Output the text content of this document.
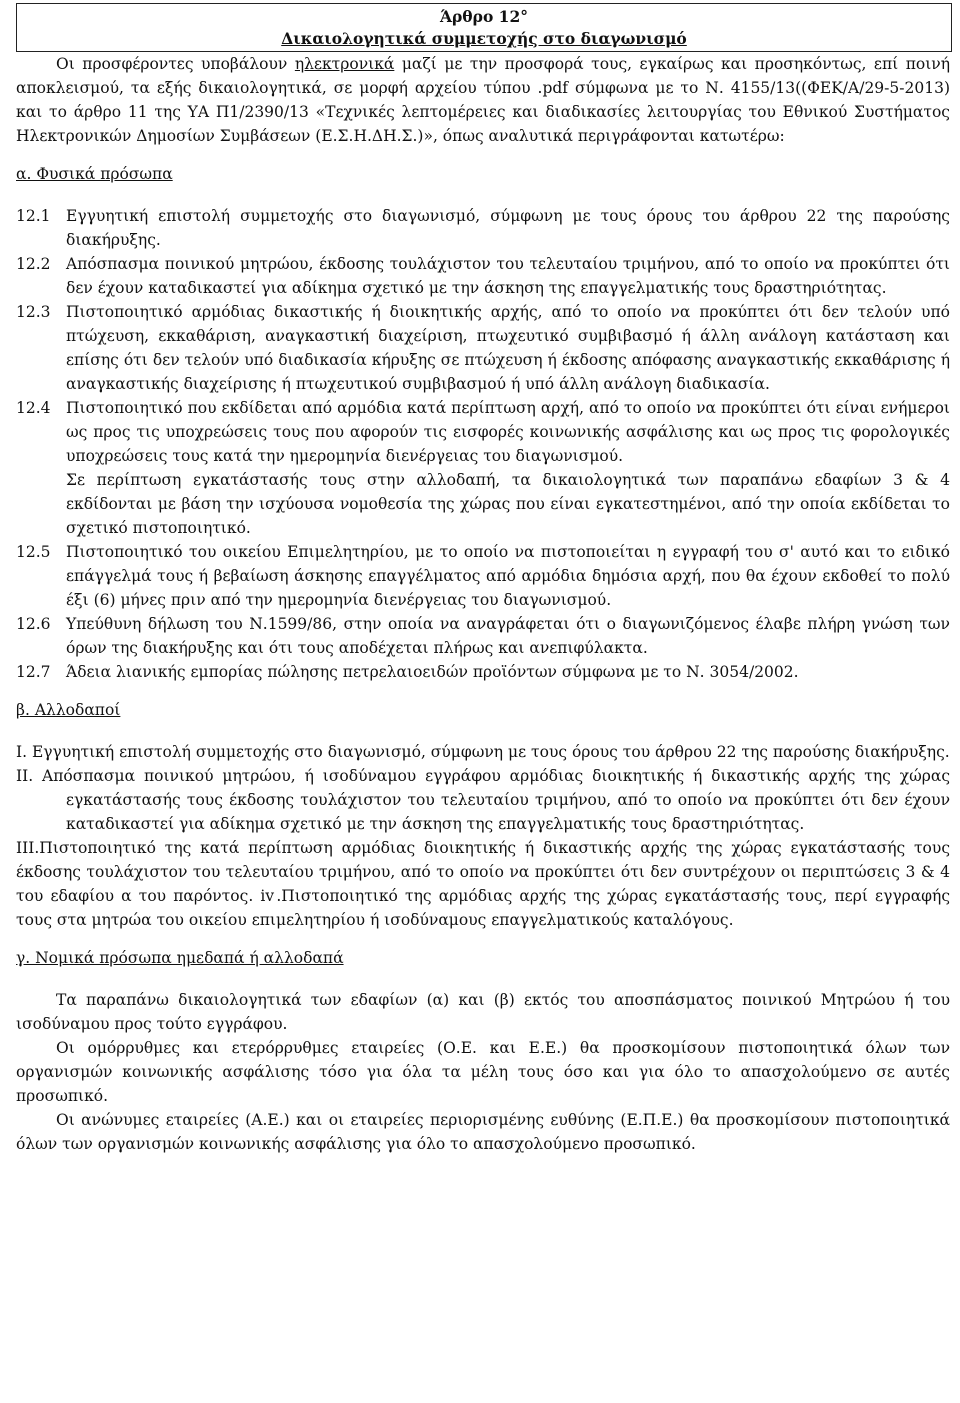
Άρθρο 12°
Δικαιολογητικά συμμετοχής στο διαγωνισμό

Οι προσφέροντες υποβάλουν ηλεκτρονικά μαζί με την προσφορά τους, εγκαίρως και προσηκόντως, επί ποινή αποκλεισμού, τα εξής δικαιολογητικά, σε μορφή αρχείου τύπου .pdf σύμφωνα με το Ν. 4155/13((ΦΕΚ/Α/29-5-2013) και το άρθρο 11 της ΥΑ Π1/2390/13 «Τεχνικές λεπτομέρειες και διαδικασίες λειτουργίας του Εθνικού Συστήματος Ηλεκτρονικών Δημοσίων Συμβάσεων (Ε.Σ.Η.ΔΗ.Σ.)», όπως αναλυτικά περιγράφονται κατωτέρω:

α. Φυσικά πρόσωπα

12.1 Εγγυητική επιστολή συμμετοχής στο διαγωνισμό, σύμφωνη με τους όρους του άρθρου 22 της παρούσης διακήρυξης.
12.2 Απόσπασμα ποινικού μητρώου, έκδοσης τουλάχιστον του τελευταίου τριμήνου, από το οποίο να προκύπτει ότι δεν έχουν καταδικαστεί για αδίκημα σχετικό με την άσκηση της επαγγελματικής τους δραστηριότητας.
12.3 Πιστοποιητικό αρμόδιας δικαστικής ή διοικητικής αρχής, από το οποίο να προκύπτει ότι δεν τελούν υπό πτώχευση, εκκαθάριση, αναγκαστική διαχείριση, πτωχευτικό συμβιβασμό ή άλλη ανάλογη κατάσταση και επίσης ότι δεν τελούν υπό διαδικασία κήρυξης σε πτώχευση ή έκδοσης απόφασης αναγκαστικής εκκαθάρισης ή αναγκαστικής διαχείρισης ή πτωχευτικού συμβιβασμού ή υπό άλλη ανάλογη διαδικασία.
12.4 Πιστοποιητικό που εκδίδεται από αρμόδια κατά περίπτωση αρχή, από το οποίο να προκύπτει ότι είναι ενήμεροι ως προς τις υποχρεώσεις τους που αφορούν τις εισφορές κοινωνικής ασφάλισης και ως προς τις φορολογικές υποχρεώσεις τους κατά την ημερομηνία διενέργειας του διαγωνισμού.
Σε περίπτωση εγκατάστασής τους στην αλλοδαπή, τα δικαιολογητικά των παραπάνω εδαφίων 3 & 4 εκδίδονται με βάση την ισχύουσα νομοθεσία της χώρας που είναι εγκατεστημένοι, από την οποία εκδίδεται το σχετικό πιστοποιητικό.
12.5 Πιστοποιητικό του οικείου Επιμελητηρίου, με το οποίο να πιστοποιείται η εγγραφή του σ' αυτό και το ειδικό επάγγελμά τους ή βεβαίωση άσκησης επαγγέλματος από αρμόδια δημόσια αρχή, που θα έχουν εκδοθεί το πολύ έξι (6) μήνες πριν από την ημερομηνία διενέργειας του διαγωνισμού.
12.6 Υπεύθυνη δήλωση του Ν.1599/86, στην οποία να αναγράφεται ότι ο διαγωνιζόμενος έλαβε πλήρη γνώση των όρων της διακήρυξης και ότι τους αποδέχεται πλήρως και ανεπιφύλακτα.
12.7 Άδεια λιανικής εμπορίας πώλησης πετρελαιοειδών προϊόντων σύμφωνα με το Ν. 3054/2002.

β. Αλλοδαποί

I. Εγγυητική επιστολή συμμετοχής στο διαγωνισμό, σύμφωνη με τους όρους του άρθρου 22 της παρούσης διακήρυξης.

II. Απόσπασμα ποινικού μητρώου, ή ισοδύναμου εγγράφου αρμόδιας διοικητικής ή δικαστικής αρχής της χώρας εγκατάστασής τους έκδοσης τουλάχιστον του τελευταίου τριμήνου, από το οποίο να προκύπτει ότι δεν έχουν καταδικαστεί για αδίκημα σχετικό με την άσκηση της επαγγελματικής τους δραστηριότητας.

III.Πιστοποιητικό της κατά περίπτωση αρμόδιας διοικητικής ή δικαστικής αρχής της χώρας εγκατάστασής τους έκδοσης τουλάχιστον του τελευταίου τριμήνου, από το οποίο να προκύπτει ότι δεν συντρέχουν οι περιπτώσεις 3 & 4 του εδαφίου α του παρόντος. ⅳ.Πιστοποιητικό της αρμόδιας αρχής της χώρας εγκατάστασής τους, περί εγγραφής τους στα μητρώα του οικείου επιμελητηρίου ή ισοδύναμους επαγγελματικούς καταλόγους.

γ. Νομικά πρόσωπα ημεδαπά ή αλλοδαπά

Τα παραπάνω δικαιολογητικά των εδαφίων (α) και (β) εκτός του αποσπάσματος ποινικού Μητρώου ή του ισοδύναμου προς τούτο εγγράφου.

Οι ομόρρυθμες και ετερόρρυθμες εταιρείες (Ο.Ε. και Ε.Ε.) θα προσκομίσουν πιστοποιητικά όλων των οργανισμών κοινωνικής ασφάλισης τόσο για όλα τα μέλη τους όσο και για όλο το απασχολούμενο σε αυτές προσωπικό.

Οι ανώνυμες εταιρείες (Α.Ε.) και οι εταιρείες περιορισμένης ευθύνης (Ε.Π.Ε.) θα προσκομίσουν πιστοποιητικά όλων των οργανισμών κοινωνικής ασφάλισης για όλο το απασχολούμενο προσωπικό.
